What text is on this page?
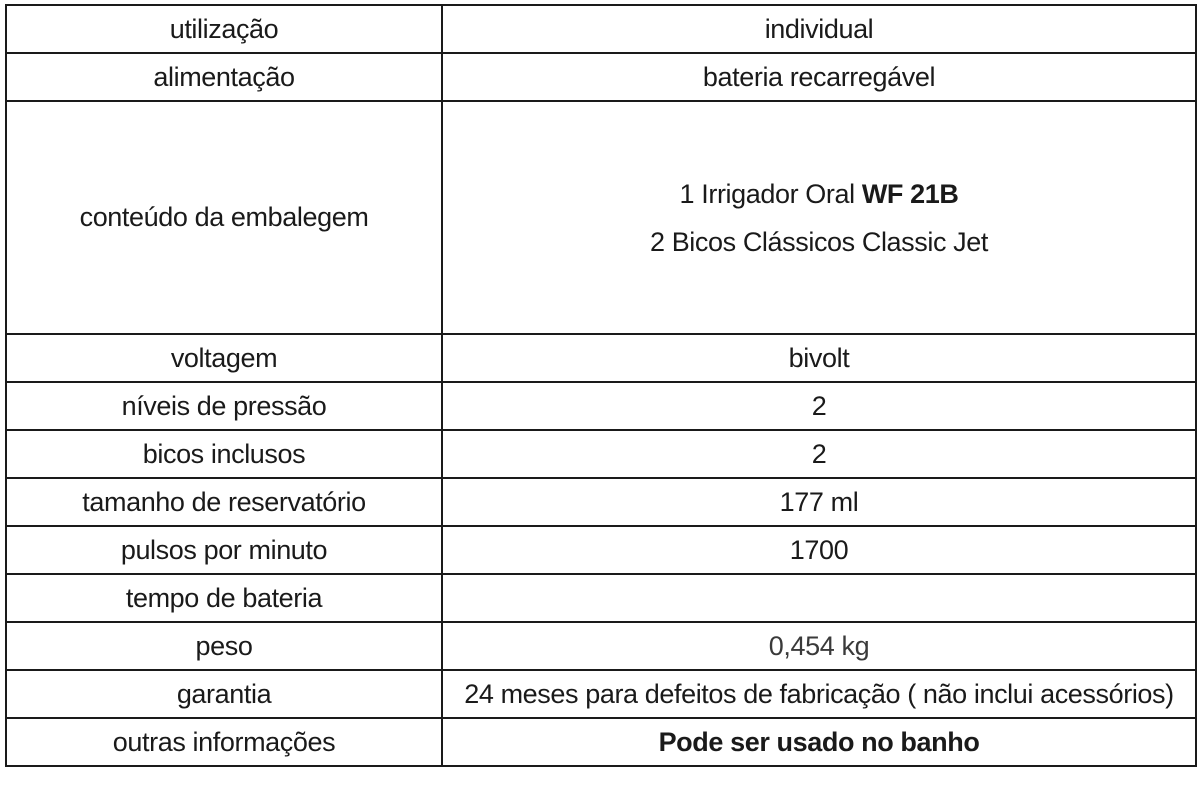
utilização	individual
alimentação	bateria recarregável
conteúdo da embalegem	1 Irrigador Oral WF 21B
2 Bicos Clássicos Classic Jet

voltagem	bivolt
níveis de pressão	2
bicos inclusos	2
tamanho de reservatório	177 ml
pulsos por minuto	1700
tempo de bateria	
peso	0,454 kg
garantia	24 meses para defeitos de fabricação ( não inclui acessórios)
outras informações	Pode ser usado no banho
